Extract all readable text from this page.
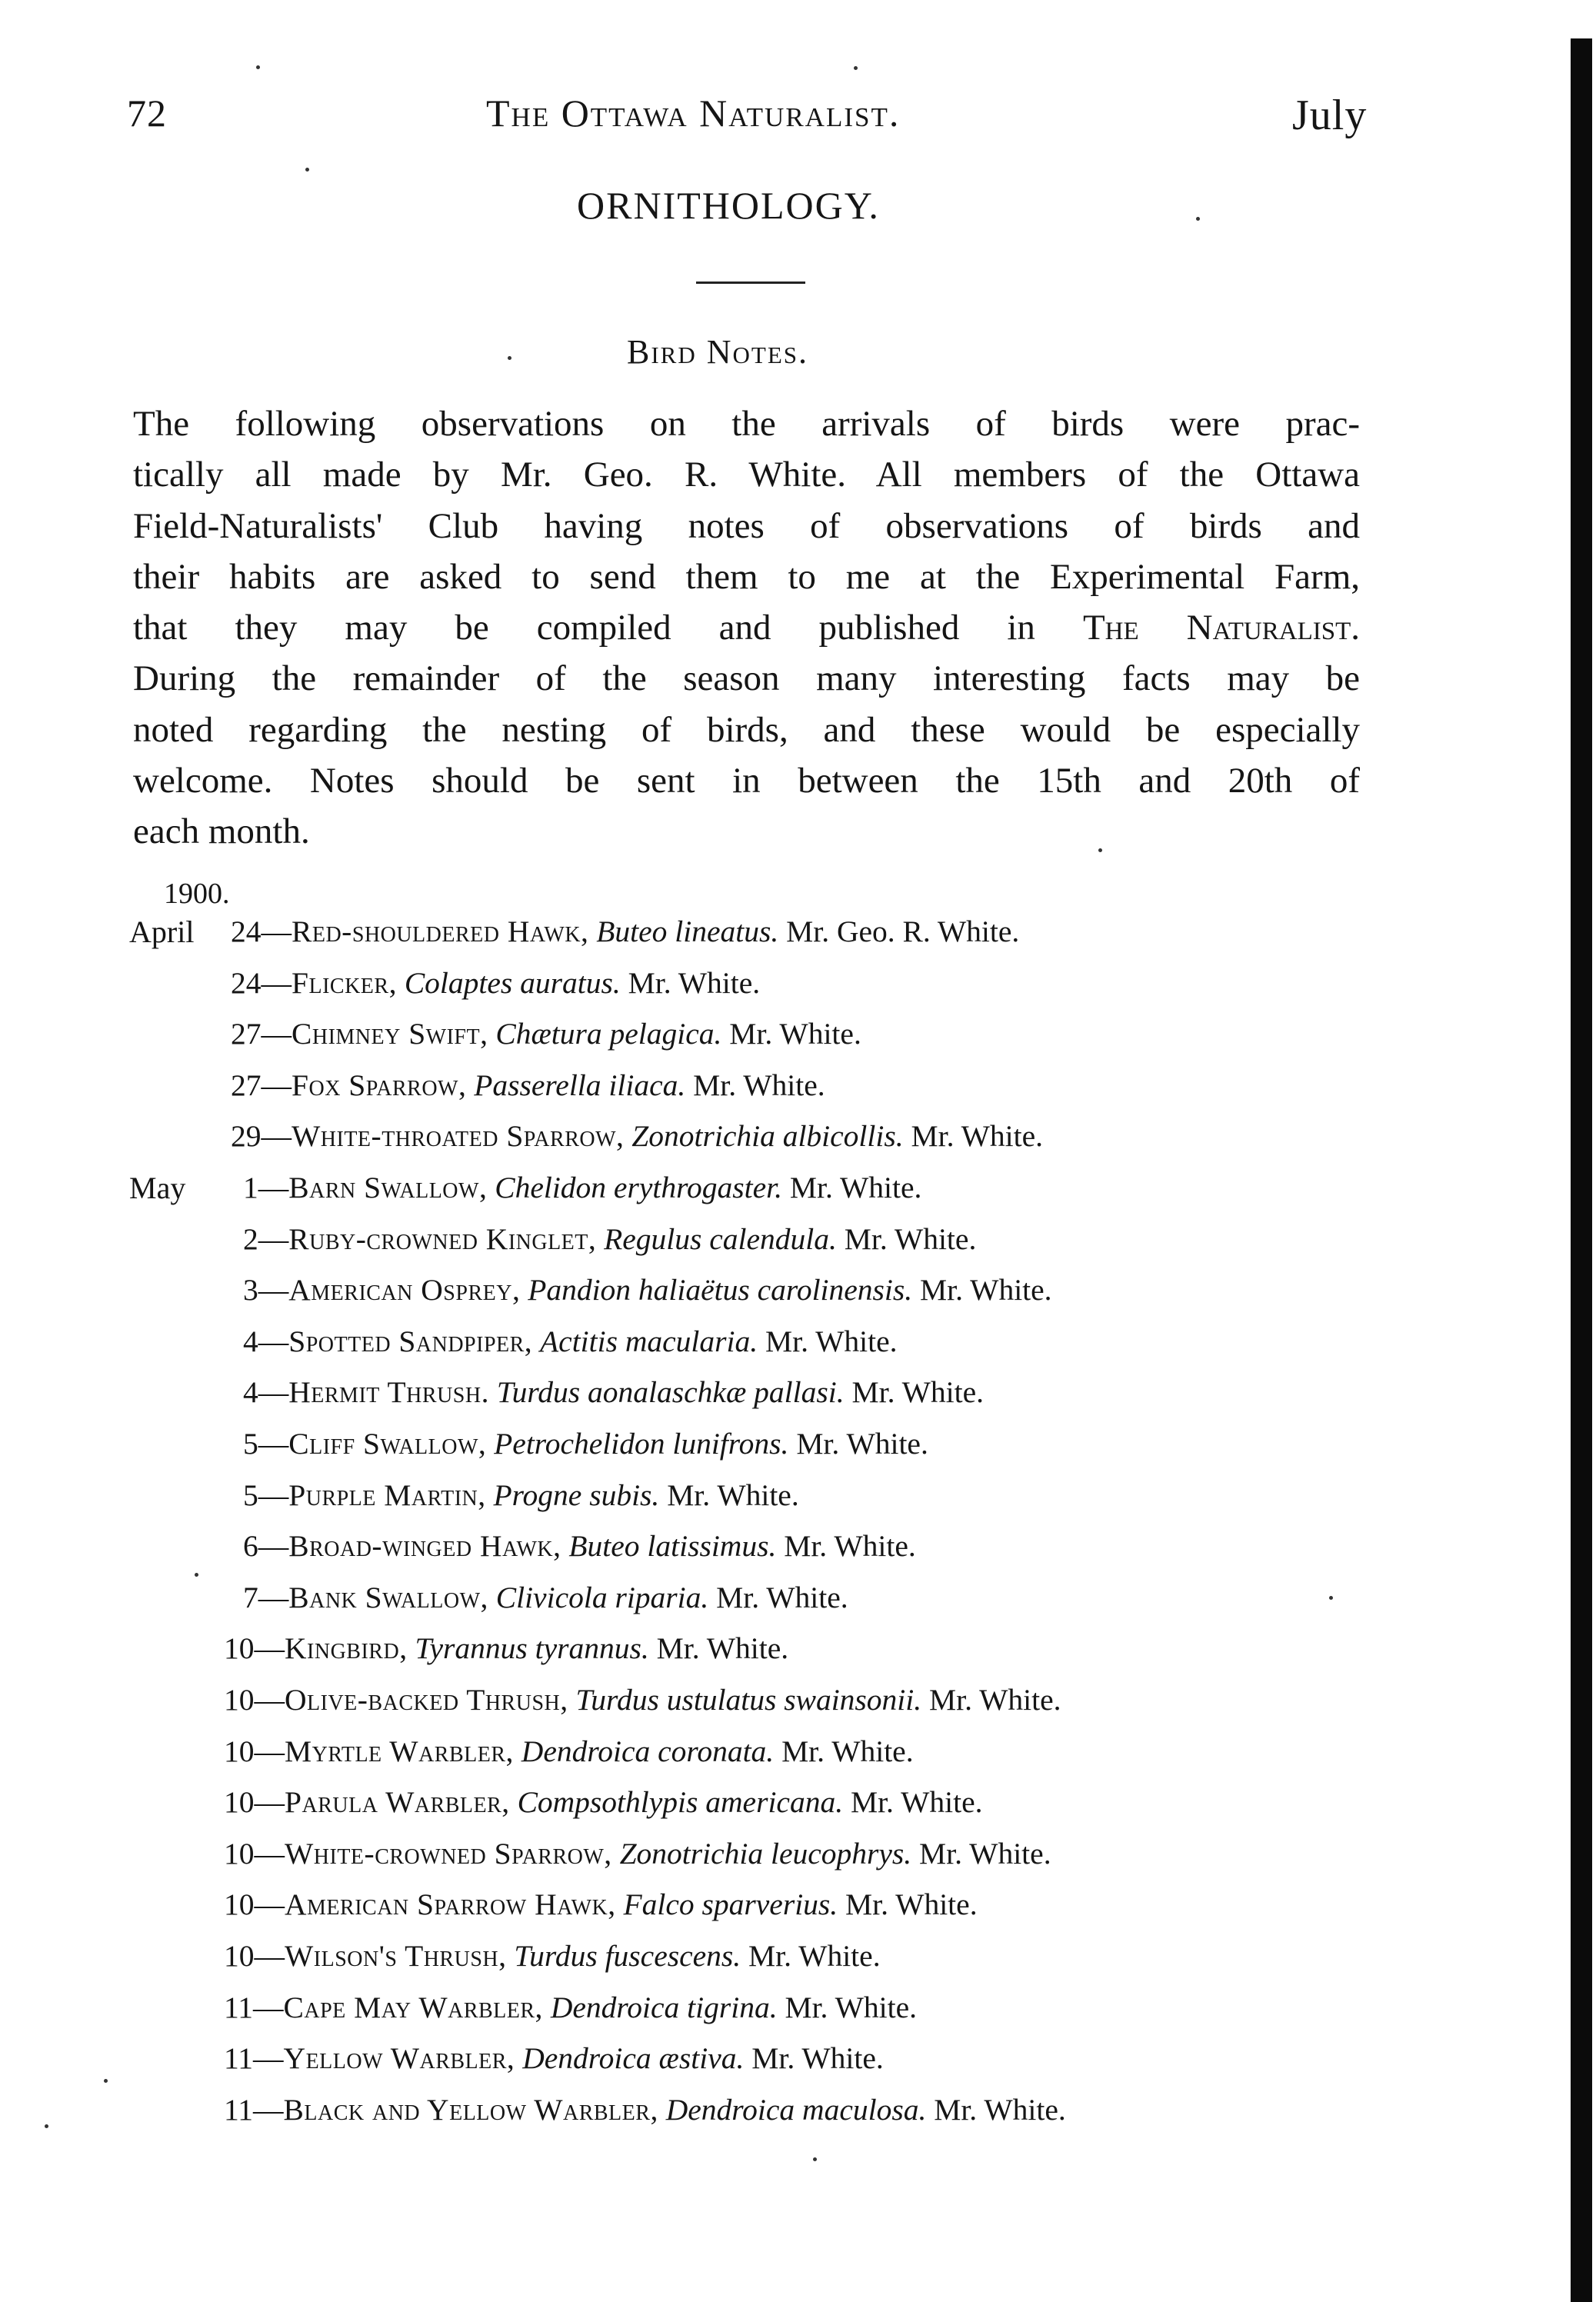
72	The Ottawa Naturalist.	July
ORNITHOLOGY.
Bird Notes.
The following observations on the arrivals of birds were prac-
tically all made by Mr. Geo. R. White. All members of the Ottawa
Field-Naturalists' Club having notes of observations of birds and
their habits are asked to send them to me at the Experimental Farm,
that they may be compiled and published in The Naturalist.
During the remainder of the season many interesting facts may be
noted regarding the nesting of birds, and these would be especially
welcome. Notes should be sent in between the 15th and 20th of
each month.
1900.
April
May
24—Red-shouldered Hawk, Buteo lineatus. Mr. Geo. R. White.
24—Flicker, Colaptes auratus. Mr. White.
27—Chimney Swift, Chætura pelagica. Mr. White.
27—Fox Sparrow, Passerella iliaca. Mr. White.
29—White-throated Sparrow, Zonotrichia albicollis. Mr. White.
1—Barn Swallow, Chelidon erythrogaster. Mr. White.
2—Ruby-crowned Kinglet, Regulus calendula. Mr. White.
3—American Osprey, Pandion haliaëtus carolinensis. Mr. White.
4—Spotted Sandpiper, Actitis macularia. Mr. White.
4—Hermit Thrush. Turdus aonalaschkæ pallasi. Mr. White.
5—Cliff Swallow, Petrochelidon lunifrons. Mr. White.
5—Purple Martin, Progne subis. Mr. White.
6—Broad-winged Hawk, Buteo latissimus. Mr. White.
7—Bank Swallow, Clivicola riparia. Mr. White.
10—Kingbird, Tyrannus tyrannus. Mr. White.
10—Olive-backed Thrush, Turdus ustulatus swainsonii. Mr. White.
10—Myrtle Warbler, Dendroica coronata. Mr. White.
10—Parula Warbler, Compsothlypis americana. Mr. White.
10—White-crowned Sparrow, Zonotrichia leucophrys. Mr. White.
10—American Sparrow Hawk, Falco sparverius. Mr. White.
10—Wilson's Thrush, Turdus fuscescens. Mr. White.
11—Cape May Warbler, Dendroica tigrina. Mr. White.
11—Yellow Warbler, Dendroica æstiva. Mr. White.
11—Black and Yellow Warbler, Dendroica maculosa. Mr. White.
